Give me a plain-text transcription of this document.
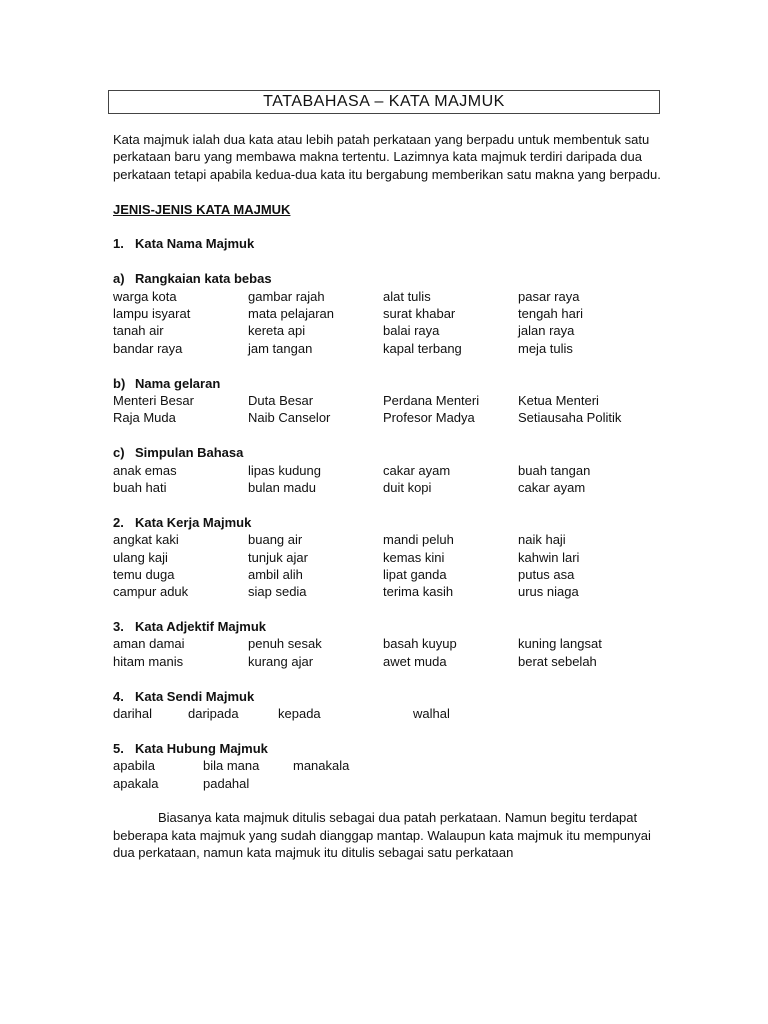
TATABAHASA – KATA MAJMUK

Kata majmuk ialah dua kata atau lebih patah perkataan yang berpadu untuk membentuk satu perkataan baru yang membawa makna tertentu. Lazimnya kata majmuk terdiri daripada dua perkataan tetapi apabila kedua-dua kata itu bergabung memberikan satu makna yang berpadu.

JENIS-JENIS KATA MAJMUK

1. Kata Nama Majmuk

a) Rangkaian kata bebas

warga kota	gambar rajah	alat tulis	pasar raya
lampu isyarat	mata pelajaran	surat khabar	tengah hari
tanah air	kereta api	balai raya	jalan raya
bandar raya	jam tangan	kapal terbang	meja tulis

b) Nama gelaran

Menteri Besar	Duta Besar	Perdana Menteri	Ketua Menteri
Raja Muda	Naib Canselor	Profesor Madya	Setiausaha Politik

c) Simpulan Bahasa

anak emas	lipas kudung	cakar ayam	buah tangan
buah hati	bulan madu	duit kopi	cakar ayam

2. Kata Kerja Majmuk

angkat kaki	buang air	mandi peluh	naik haji
ulang kaji	tunjuk ajar	kemas kini	kahwin lari
temu duga	ambil alih	lipat ganda	putus asa
campur aduk	siap sedia	terima kasih	urus niaga

3. Kata Adjektif Majmuk

aman damai	penuh sesak	basah kuyup	kuning langsat
hitam manis	kurang ajar	awet muda	berat sebelah

4. Kata Sendi Majmuk

darihal	daripada	kepada	walhal

5. Kata Hubung Majmuk

apabila	bila mana	manakala
apakala	padahal

Biasanya kata majmuk ditulis sebagai dua patah perkataan. Namun begitu terdapat beberapa kata majmuk yang sudah dianggap mantap. Walaupun kata majmuk itu mempunyai dua perkataan, namun kata majmuk itu ditulis sebagai satu perkataan
